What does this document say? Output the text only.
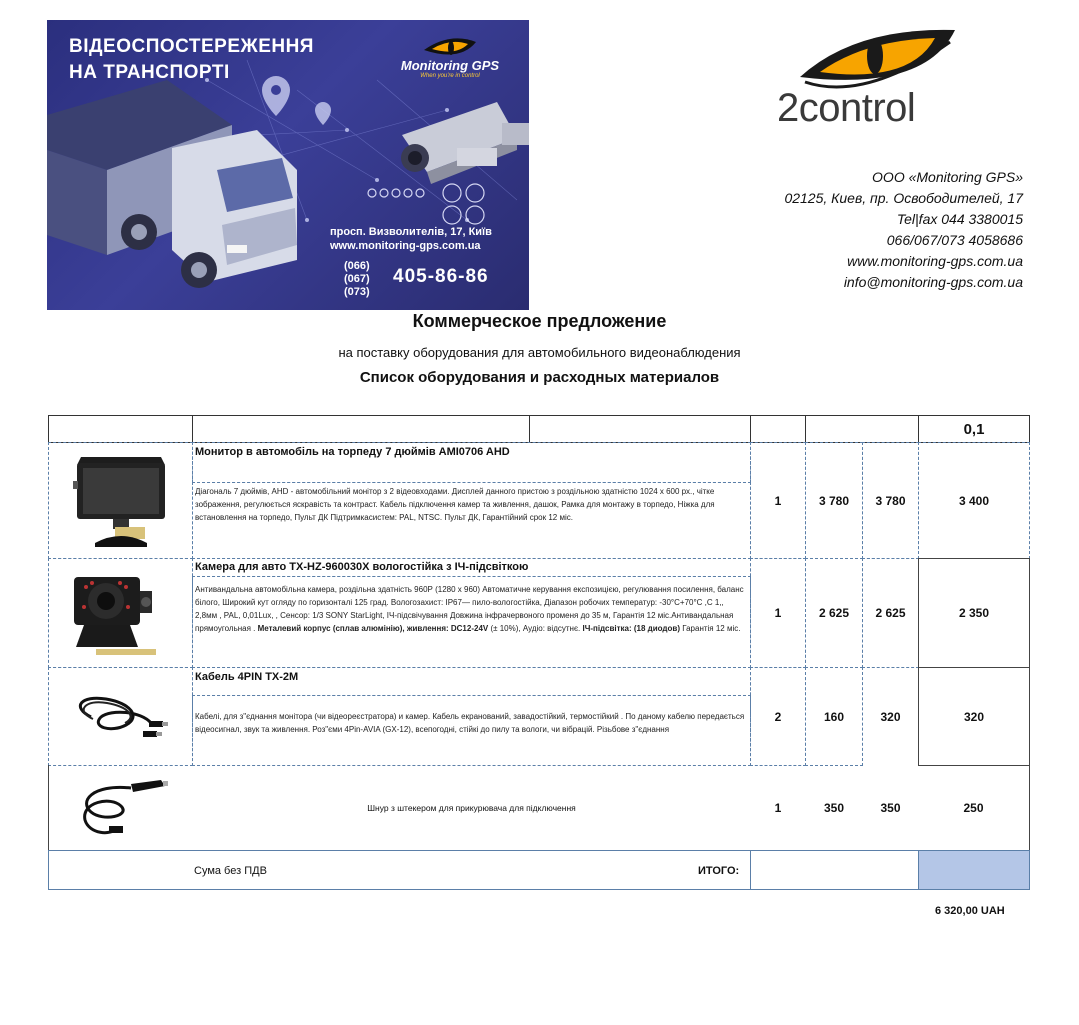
ВІДЕОСПОСТЕРЕЖЕННЯ
НА ТРАНСПОРТІ	Monitoring GPS
When you're in control
просп. Визволителів, 17, Київ
www.monitoring-gps.com.ua
(066)
(067)
(073)
405-86-86
2control
ООО «Monitoring GPS»
02125, Киев, пр. Освободителей, 17
Tel|fax 044 3380015
066/067/073 4058686
www.monitoring-gps.com.ua
info@monitoring-gps.com.ua
Коммерческое предложение
на поставку оборудования для автомобильного видеонаблюдения
Список оборудования и расходных материалов
0,1
Монитор в автомобіль на торпеду 7 дюймів AMI0706 AHD
Діагональ 7 дюймів, AHD - автомобільний монітор з 2 відеовходами. Дисплей данного пристою з роздільною здатністю 1024 х 600 рх., чітке зображення, регулюється яскравість та контраст. Кабель підключення камер та живлення, дашок, Рамка для монтажу в торпедо, Ніжка для встановлення на торпедо, Пульт ДК Підтримкасистем: PAL, NTSC. Пульт ДК, Гарантійний срок 12 міс.
1	3 780	3 780	3 400
Камера для авто TX-HZ-960030X вологостійка з ІЧ-підсвіткою
Антивандальна автомобільна камера, роздільна здатність 960Р (1280 x 960) Автоматичне керування експозицією, регулювання посилення, баланс білого, Широкий кут огляду по горизонталі 125 град. Вологозахист: IP67— пило-вологостійка, Діапазон робочих температур: -30°C+70°C ,C 1,, 2,8мм , PAL, 0,01Lux, , Сенсор: 1/3 SONY StarLight, ІЧ-підсвічування Довжина інфрачервоного променя до 35 м, Гарантія 12 міс.Антивандальная прямоугольная . Металевий корпус (сплав алюмінію), живлення: DC12-24V (± 10%), Аудіо: відсутнє. ІЧ-підсвітка: (18 диодов) Гарантія 12 міс.
1	2 625	2 625	2 350
Кабель 4PIN TX-2M
Кабелі, для з"єднання монітора (чи відеореєстратора) и камер. Кабель екранований, завадостійкий, термостійкий . По даному кабелю передається відеосигнал, звук та живлення. Роз"єми 4Pin-AVIA (GX-12), всепогодні, стійкі до пилу та вологи, чи вібрацій. Різьбове з"єднання
2	160	320	320
Шнур з штекером для прикурювача для підключення	1	350	350	250
Сума без ПДВ	ИТОГО:
6 320,00 UAH
